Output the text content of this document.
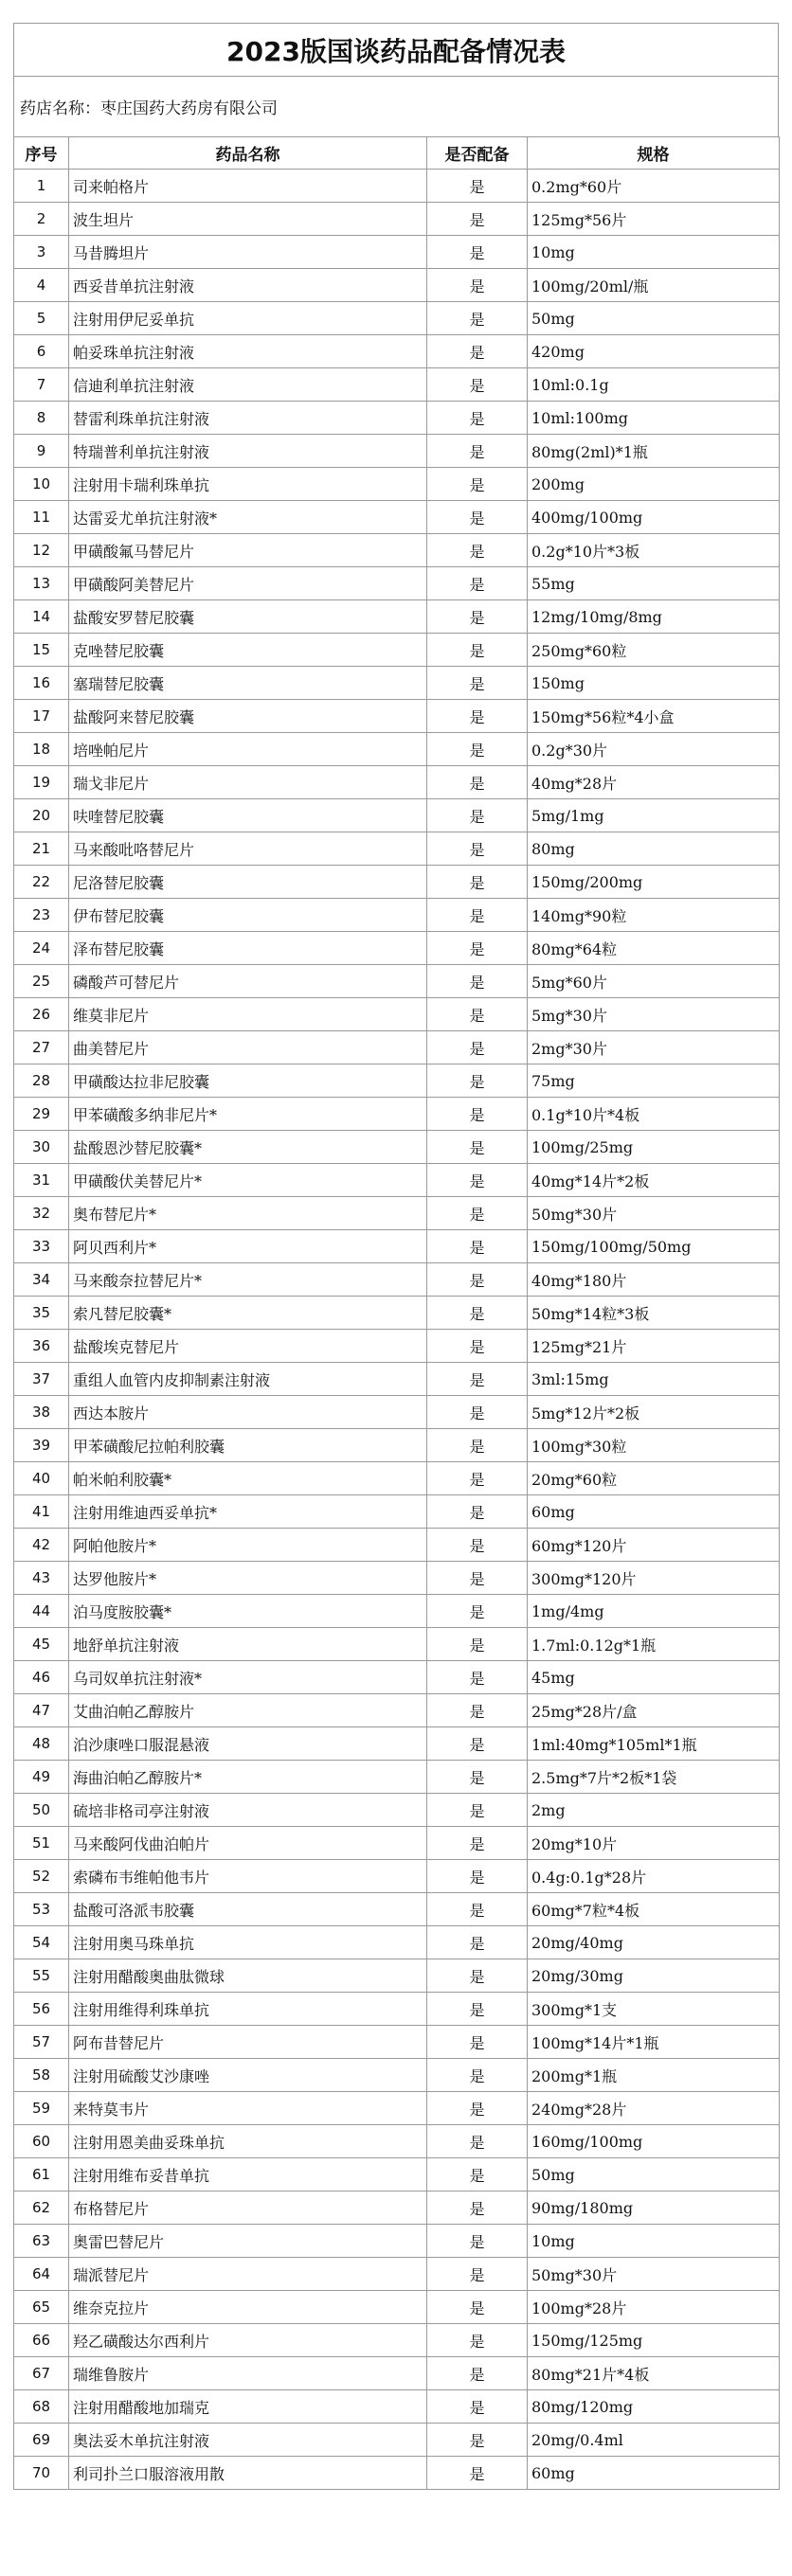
2023版国谈药品配备情况表
药店名称：枣庄国药大药房有限公司
序号	药品名称	是否配备	规格
1	司来帕格片	是	0.2mg*60片
2	波生坦片	是	125mg*56片
3	马昔腾坦片	是	10mg
4	西妥昔单抗注射液	是	100mg/20ml/瓶
5	注射用伊尼妥单抗	是	50mg
6	帕妥珠单抗注射液	是	420mg
7	信迪利单抗注射液	是	10ml:0.1g
8	替雷利珠单抗注射液	是	10ml:100mg
9	特瑞普利单抗注射液	是	80mg(2ml)*1瓶
10	注射用卡瑞利珠单抗	是	200mg
11	达雷妥尤单抗注射液*	是	400mg/100mg
12	甲磺酸氟马替尼片	是	0.2g*10片*3板
13	甲磺酸阿美替尼片	是	55mg
14	盐酸安罗替尼胶囊	是	12mg/10mg/8mg
15	克唑替尼胶囊	是	250mg*60粒
16	塞瑞替尼胶囊	是	150mg
17	盐酸阿来替尼胶囊	是	150mg*56粒*4小盒
18	培唑帕尼片	是	0.2g*30片
19	瑞戈非尼片	是	40mg*28片
20	呋喹替尼胶囊	是	5mg/1mg
21	马来酸吡咯替尼片	是	80mg
22	尼洛替尼胶囊	是	150mg/200mg
23	伊布替尼胶囊	是	140mg*90粒
24	泽布替尼胶囊	是	80mg*64粒
25	磷酸芦可替尼片	是	5mg*60片
26	维莫非尼片	是	5mg*30片
27	曲美替尼片	是	2mg*30片
28	甲磺酸达拉非尼胶囊	是	75mg
29	甲苯磺酸多纳非尼片*	是	0.1g*10片*4板
30	盐酸恩沙替尼胶囊*	是	100mg/25mg
31	甲磺酸伏美替尼片*	是	40mg*14片*2板
32	奥布替尼片*	是	50mg*30片
33	阿贝西利片*	是	150mg/100mg/50mg
34	马来酸奈拉替尼片*	是	40mg*180片
35	索凡替尼胶囊*	是	50mg*14粒*3板
36	盐酸埃克替尼片	是	125mg*21片
37	重组人血管内皮抑制素注射液	是	3ml:15mg
38	西达本胺片	是	5mg*12片*2板
39	甲苯磺酸尼拉帕利胶囊	是	100mg*30粒
40	帕米帕利胶囊*	是	20mg*60粒
41	注射用维迪西妥单抗*	是	60mg
42	阿帕他胺片*	是	60mg*120片
43	达罗他胺片*	是	300mg*120片
44	泊马度胺胶囊*	是	1mg/4mg
45	地舒单抗注射液	是	1.7ml:0.12g*1瓶
46	乌司奴单抗注射液*	是	45mg
47	艾曲泊帕乙醇胺片	是	25mg*28片/盒
48	泊沙康唑口服混悬液	是	1ml:40mg*105ml*1瓶
49	海曲泊帕乙醇胺片*	是	2.5mg*7片*2板*1袋
50	硫培非格司亭注射液	是	2mg
51	马来酸阿伐曲泊帕片	是	20mg*10片
52	索磷布韦维帕他韦片	是	0.4g:0.1g*28片
53	盐酸可洛派韦胶囊	是	60mg*7粒*4板
54	注射用奥马珠单抗	是	20mg/40mg
55	注射用醋酸奥曲肽微球	是	20mg/30mg
56	注射用维得利珠单抗	是	300mg*1支
57	阿布昔替尼片	是	100mg*14片*1瓶
58	注射用硫酸艾沙康唑	是	200mg*1瓶
59	来特莫韦片	是	240mg*28片
60	注射用恩美曲妥珠单抗	是	160mg/100mg
61	注射用维布妥昔单抗	是	50mg
62	布格替尼片	是	90mg/180mg
63	奥雷巴替尼片	是	10mg
64	瑞派替尼片	是	50mg*30片
65	维奈克拉片	是	100mg*28片
66	羟乙磺酸达尔西利片	是	150mg/125mg
67	瑞维鲁胺片	是	80mg*21片*4板
68	注射用醋酸地加瑞克	是	80mg/120mg
69	奥法妥木单抗注射液	是	20mg/0.4ml
70	利司扑兰口服溶液用散	是	60mg
